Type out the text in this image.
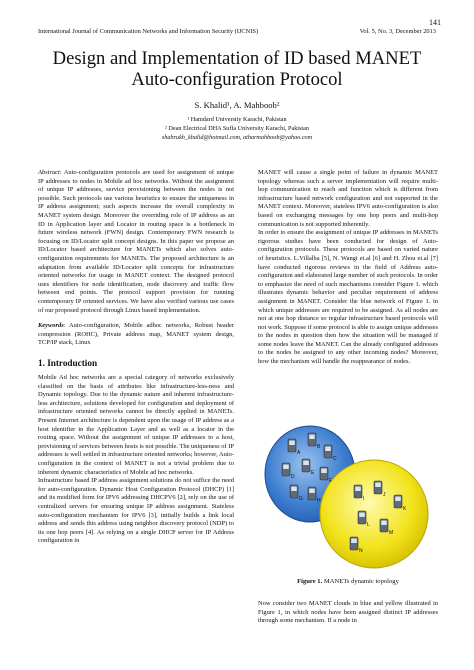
141
International Journal of Communication Networks and Information Security (IJCNIS)	Vol. 5, No. 3, December 2013
Design and Implementation of ID based MANET Auto-configuration Protocol
S. Khalid¹, A. Mahboob²
¹ Hamdard University Karachi, Pakistan
² Dean Electrical DHA Suffa University Karachi, Pakistan
shahrukh_khalid@hotmail.com, atharmahboob@yahoo.com

Abstract: Auto-configuration protocols are used for assignment of unique IP addresses to nodes in Mobile ad hoc networks. Without the assignment of unique IP addresses, service provisioning between the nodes is not possible. Such protocols use various heuristics to ensure the uniqueness in IP address assignment; such aspects increase the overall complexity in MANET system design. Moreover the overriding role of IP address as an ID in Application layer and Locator in routing space is a bottleneck in future wireless network (FWN) design. Contemporary FWN research is focusing on ID/Locator split concept designs. In this paper we propose an ID/Locator based architecture for MANETs which also solves auto-configuration requirements for MANETs. The proposed architecture is an adaptation from available ID/Locator split concepts for infrastructure oriented networks for usage in MANET context. The designed protocol uses identifiers for node identification, node discovery and traffic flow between end points. The protocol support provision for running contemporary IP oriented services. We have also verified various use cases of our proposed protocol through Linux based implementation.

Keywords: Auto-configuration, Mobile adhoc networks, Robust header compression (ROHC), Private address map, MANET system design, TCP/IP stack, Linux

1. Introduction

Mobile Ad hoc networks are a special category of networks exclusively classified on the basis of attributes like infrastructure-less-ness and Dynamic topology. Due to the dynamic nature and inherent infrastructure-less architecture, solutions developed for configuration and deployment of infrastructure oriented networks cannot be directly applied in MANETs. Present Internet architecture is dependent upon the usage of IP address as a host identifier in the Application Layer and as well as a locator in the routing space. Without the assignment of unique IP addresses to a host, provisioning of services between hosts is not possible. The uniqueness of IP addresses is well settled in infrastructure oriented networks; however, Auto-configuration in the context of MANET is not a trivial problem due to inherent dynamic characteristics of Mobile ad hoc networks.

Infrastructure based IP address assignment solutions do not suffice the need for auto-configuration. Dynamic Host Configuration Protocol (DHCP) [1] and its modified form for IPV6 addressing DHCPV6 [2], rely on the use of centralized servers for ensuring unique IP address assignment. Stateless auto-configuration mechanism for IPV6 [3], initially builds a link local address and sends this address using neighbor discovery protocol (NDP) to its one hop peers [4]. As relying on a single DHCP server for IP Address configuration in

MANET will cause a single point of failure in dynamic MANET topology whereas such a server implementation will require multi-hop communication to reach and function which is different from infrastructure based network configuration and not supported in the MANET context. Moreover, stateless IPV6 auto-configuration is also based on exchanging messages by one hop peers and multi-hop communication is not supported inherently.

In order to ensure the assignment of unique IP addresses in MANETs rigorous studies have been conducted for design of Auto-configuration protocols. These protocols are based on varied nature of heuristics. L.Villalba [5], N. Wangi et.al [6] and H. Zhou et.al [7] have conducted rigorous reviews in the field of Address auto-configuration and elaborated large number of such protocols. In order to emphasize the need of such mechanisms consider Figure 1. which illustrates dynamic behavior and peculiar requirement of address assignment in MANET. Consider the blue network of Figure 1. in which unique addresses are required to be assigned. As all nodes are not at one hop distance so regular infrastructure based protocols will not work. Suppose if some protocol is able to assign unique addresses to the nodes in question then how the situation will be managed if some nodes leave the MANET. Can the already configured addresses to the nodes be assigned to any other incoming nodes? Moreover, how the mechanism will handle the reappearance of nodes.

A
B
C
D
E
F
G	H	I
J
K
L
M
N
Figure 1. MANETs dynamic topology

Now consider two MANET clouds in blue and yellow illustrated in Figure 1, in which nodes have been assigned distinct IP addresses through some mechanism. If a node in
